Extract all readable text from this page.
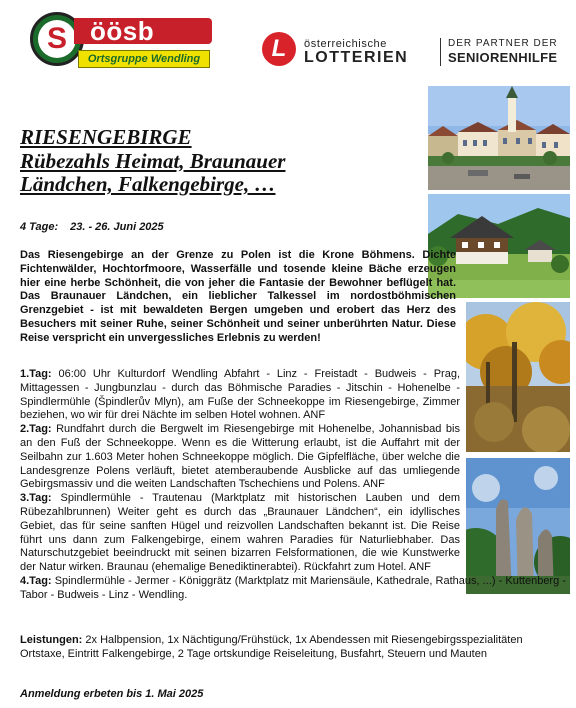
S öösb
Ortsgruppe Wendling	L	österreichische
LOTTERIEN
DER PARTNER DER
SENIORENHILFE
RIESENGEBIRGE
Rübezahls Heimat, Braunauer
Ländchen, Falkengebirge, …

4 Tage: 23. - 26. Juni 2025

Das Riesengebirge an der Grenze zu Polen ist die Krone Böhmens. Dichte Fichtenwälder, Hochtorfmoore, Wasserfälle und tosende kleine Bäche erzeugen hier eine herbe Schönheit, die von jeher die Fantasie der Bewohner beflügelt hat. Das Braunauer Ländchen, ein lieblicher Talkessel im nordostböhmischen Grenzgebiet - ist mit bewaldeten Bergen umgeben und erobert das Herz des Besuchers mit seiner Ruhe, seiner Schönheit und seiner unberührten Natur. Diese Reise verspricht ein unvergessliches Erlebnis zu werden!

1.Tag: 06:00 Uhr Kulturdorf Wendling Abfahrt - Linz - Freistadt - Budweis - Prag, Mittagessen - Jungbunzlau - durch das Böhmische Paradies - Jitschin - Hohenelbe - Spindlermühle (Špindlerův Mlyn), am Fuße der Schneekoppe im Riesengebirge, Zimmer beziehen, wo wir für drei Nächte im selben Hotel wohnen. ANF

2.Tag: Rundfahrt durch die Bergwelt im Riesengebirge mit Hohenelbe, Johannisbad bis an den Fuß der Schneekoppe. Wenn es die Witterung erlaubt, ist die Auffahrt mit der Seilbahn zur 1.603 Meter hohen Schneekoppe möglich. Die Gipfelfläche, über welche die Landesgrenze Polens verläuft, bietet atemberaubende Ausblicke auf das umliegende Gebirgsmassiv und die weiten Landschaften Tschechiens und Polens. ANF

3.Tag: Spindlermühle - Trautenau (Marktplatz mit historischen Lauben und dem Rübezahlbrunnen) Weiter geht es durch das „Braunauer Ländchen“, ein idyllisches Gebiet, das für seine sanften Hügel und reizvollen Landschaften bekannt ist. Die Reise führt uns dann zum Falkengebirge, einem wahren Paradies für Naturliebhaber. Das Naturschutzgebiet beeindruckt mit seinen bizarren Felsformationen, die wie Kunstwerke der Natur wirken. Braunau (ehemalige Benediktinerabtei). Rückfahrt zum Hotel. ANF

4.Tag: Spindlermühle - Jermer - Königgrätz (Marktplatz mit Mariensäule, Kathedrale, Rathaus, ...) - Kuttenberg - Tabor - Budweis - Linz - Wendling.

Leistungen: 2x Halbpension, 1x Nächtigung/Frühstück, 1x Abendessen mit Riesengebirgsspezialitäten Ortstaxe, Eintritt Falkengebirge, 2 Tage ortskundige Reiseleitung, Busfahrt, Steuern und Mauten

Anmeldung erbeten bis 1. Mai 2025
